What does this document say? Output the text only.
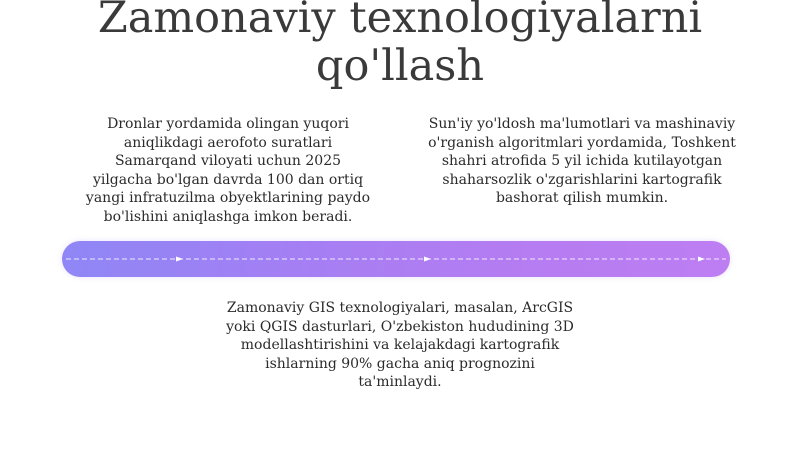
Zamonaviy texnologiyalarni
qo'llash

Dronlar yordamida olingan yuqori
aniqlikdagi aerofoto suratlari
Samarqand viloyati uchun 2025
yilgacha bo'lgan davrda 100 dan ortiq
yangi infratuzilma obyektlarining paydo
bo'lishini aniqlashga imkon beradi.

Sun'iy yo'ldosh ma'lumotlari va mashinaviy
o'rganish algoritmlari yordamida, Toshkent
shahri atrofida 5 yil ichida kutilayotgan
shaharsozlik o'zgarishlarini kartografik
bashorat qilish mumkin.

Zamonaviy GIS texnologiyalari, masalan, ArcGIS
yoki QGIS dasturlari, O'zbekiston hududining 3D
modellashtirishini va kelajakdagi kartografik
ishlarning 90% gacha aniq prognozini
ta'minlaydi.
